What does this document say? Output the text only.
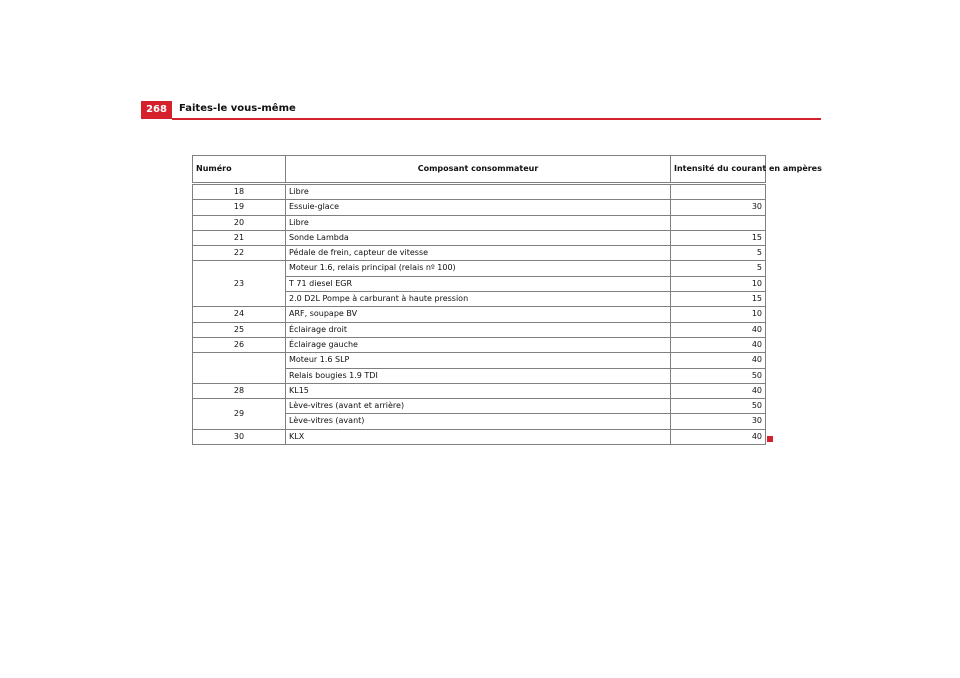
268	Faites-le vous-même
Numéro	Composant consommateur	Intensité du courant en ampères
18	Libre	
19	Essuie-glace	30
20	Libre	
21	Sonde Lambda	15
22	Pédale de frein, capteur de vitesse	5
23	Moteur 1.6, relais principal (relais nº 100)	5
	T 71 diesel EGR	10
	2.0 D2L Pompe à carburant à haute pression	15
24	ARF, soupape BV	10
25	Éclairage droit	40
26	Éclairage gauche	40
	Moteur 1.6 SLP	40
	Relais bougies 1.9 TDI	50
28	KL15	40
29	Lève-vitres (avant et arrière)	50
	Lève-vitres (avant)	30
30	KLX	40
